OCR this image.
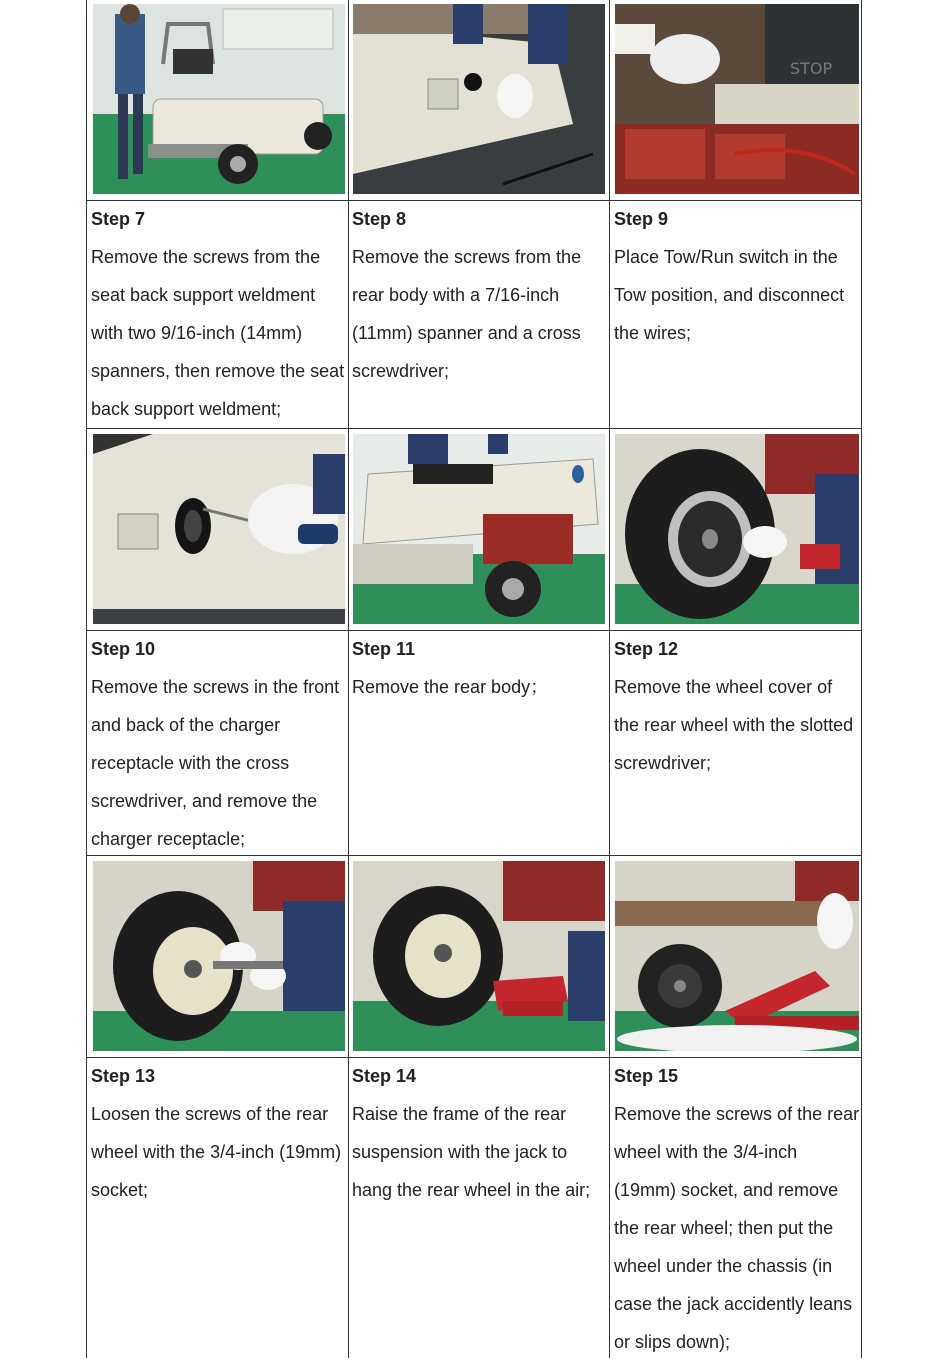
STOP
Step 7
Remove the screws from the seat back support weldment with two 9/16-inch (14mm) spanners, then remove the seat back support weldment;
Step 8
Remove the screws from the rear body with a 7/16-inch (11mm) spanner and a cross screwdriver;
Step 9
Place Tow/Run switch in the Tow position, and disconnect the wires;
Step 10
Remove the screws in the front and back of the charger receptacle with the cross screwdriver, and remove the charger receptacle;
Step 11
Remove the rear body；
Step 12
Remove the wheel cover of the rear wheel with the slotted screwdriver;
Step 13
Loosen the screws of the rear wheel with the 3/4-inch (19mm) socket;
Step 14
Raise the frame of the rear suspension with the jack to hang the rear wheel in the air;
Step 15
Remove the screws of the rear wheel with the 3/4-inch (19mm) socket, and remove the rear wheel; then put the wheel under the chassis (in case the jack accidently leans or slips down);
